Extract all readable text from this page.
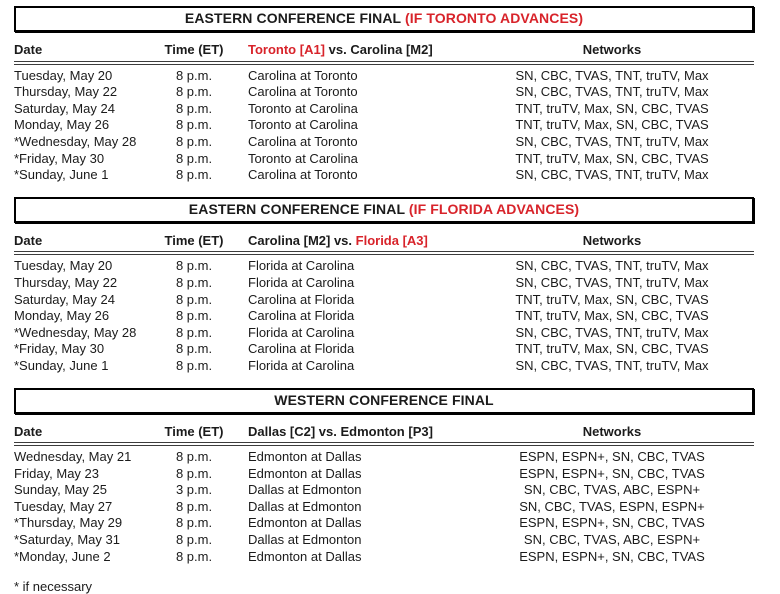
EASTERN CONFERENCE FINAL (IF TORONTO ADVANCES)
Date	Time (ET)	Toronto [A1] vs. Carolina [M2]	Networks
Tuesday, May 20	8 p.m.	Carolina at Toronto	SN, CBC, TVAS, TNT, truTV, Max
Thursday, May 22	8 p.m.	Carolina at Toronto	SN, CBC, TVAS, TNT, truTV, Max
Saturday, May 24	8 p.m.	Toronto at Carolina	TNT, truTV, Max, SN, CBC, TVAS
Monday, May 26	8 p.m.	Toronto at Carolina	TNT, truTV, Max, SN, CBC, TVAS
*Wednesday, May 28	8 p.m.	Carolina at Toronto	SN, CBC, TVAS, TNT, truTV, Max
*Friday, May 30	8 p.m.	Toronto at Carolina	TNT, truTV, Max, SN, CBC, TVAS
*Sunday, June 1	8 p.m.	Carolina at Toronto	SN, CBC, TVAS, TNT, truTV, Max
EASTERN CONFERENCE FINAL (IF FLORIDA ADVANCES)
Date	Time (ET)	Carolina [M2] vs. Florida [A3]	Networks
Tuesday, May 20	8 p.m.	Florida at Carolina	SN, CBC, TVAS, TNT, truTV, Max
Thursday, May 22	8 p.m.	Florida at Carolina	SN, CBC, TVAS, TNT, truTV, Max
Saturday, May 24	8 p.m.	Carolina at Florida	TNT, truTV, Max, SN, CBC, TVAS
Monday, May 26	8 p.m.	Carolina at Florida	TNT, truTV, Max, SN, CBC, TVAS
*Wednesday, May 28	8 p.m.	Florida at Carolina	SN, CBC, TVAS, TNT, truTV, Max
*Friday, May 30	8 p.m.	Carolina at Florida	TNT, truTV, Max, SN, CBC, TVAS
*Sunday, June 1	8 p.m.	Florida at Carolina	SN, CBC, TVAS, TNT, truTV, Max
WESTERN CONFERENCE FINAL
Date	Time (ET)	Dallas [C2] vs. Edmonton [P3]	Networks
Wednesday, May 21	8 p.m.	Edmonton at Dallas	ESPN, ESPN+, SN, CBC, TVAS
Friday, May 23	8 p.m.	Edmonton at Dallas	ESPN, ESPN+, SN, CBC, TVAS
Sunday, May 25	3 p.m.	Dallas at Edmonton	SN, CBC, TVAS, ABC, ESPN+
Tuesday, May 27	8 p.m.	Dallas at Edmonton	SN, CBC, TVAS, ESPN, ESPN+
*Thursday, May 29	8 p.m.	Edmonton at Dallas	ESPN, ESPN+, SN, CBC, TVAS
*Saturday, May 31	8 p.m.	Dallas at Edmonton	SN, CBC, TVAS, ABC, ESPN+
*Monday, June 2	8 p.m.	Edmonton at Dallas	ESPN, ESPN+, SN, CBC, TVAS

* if necessary
